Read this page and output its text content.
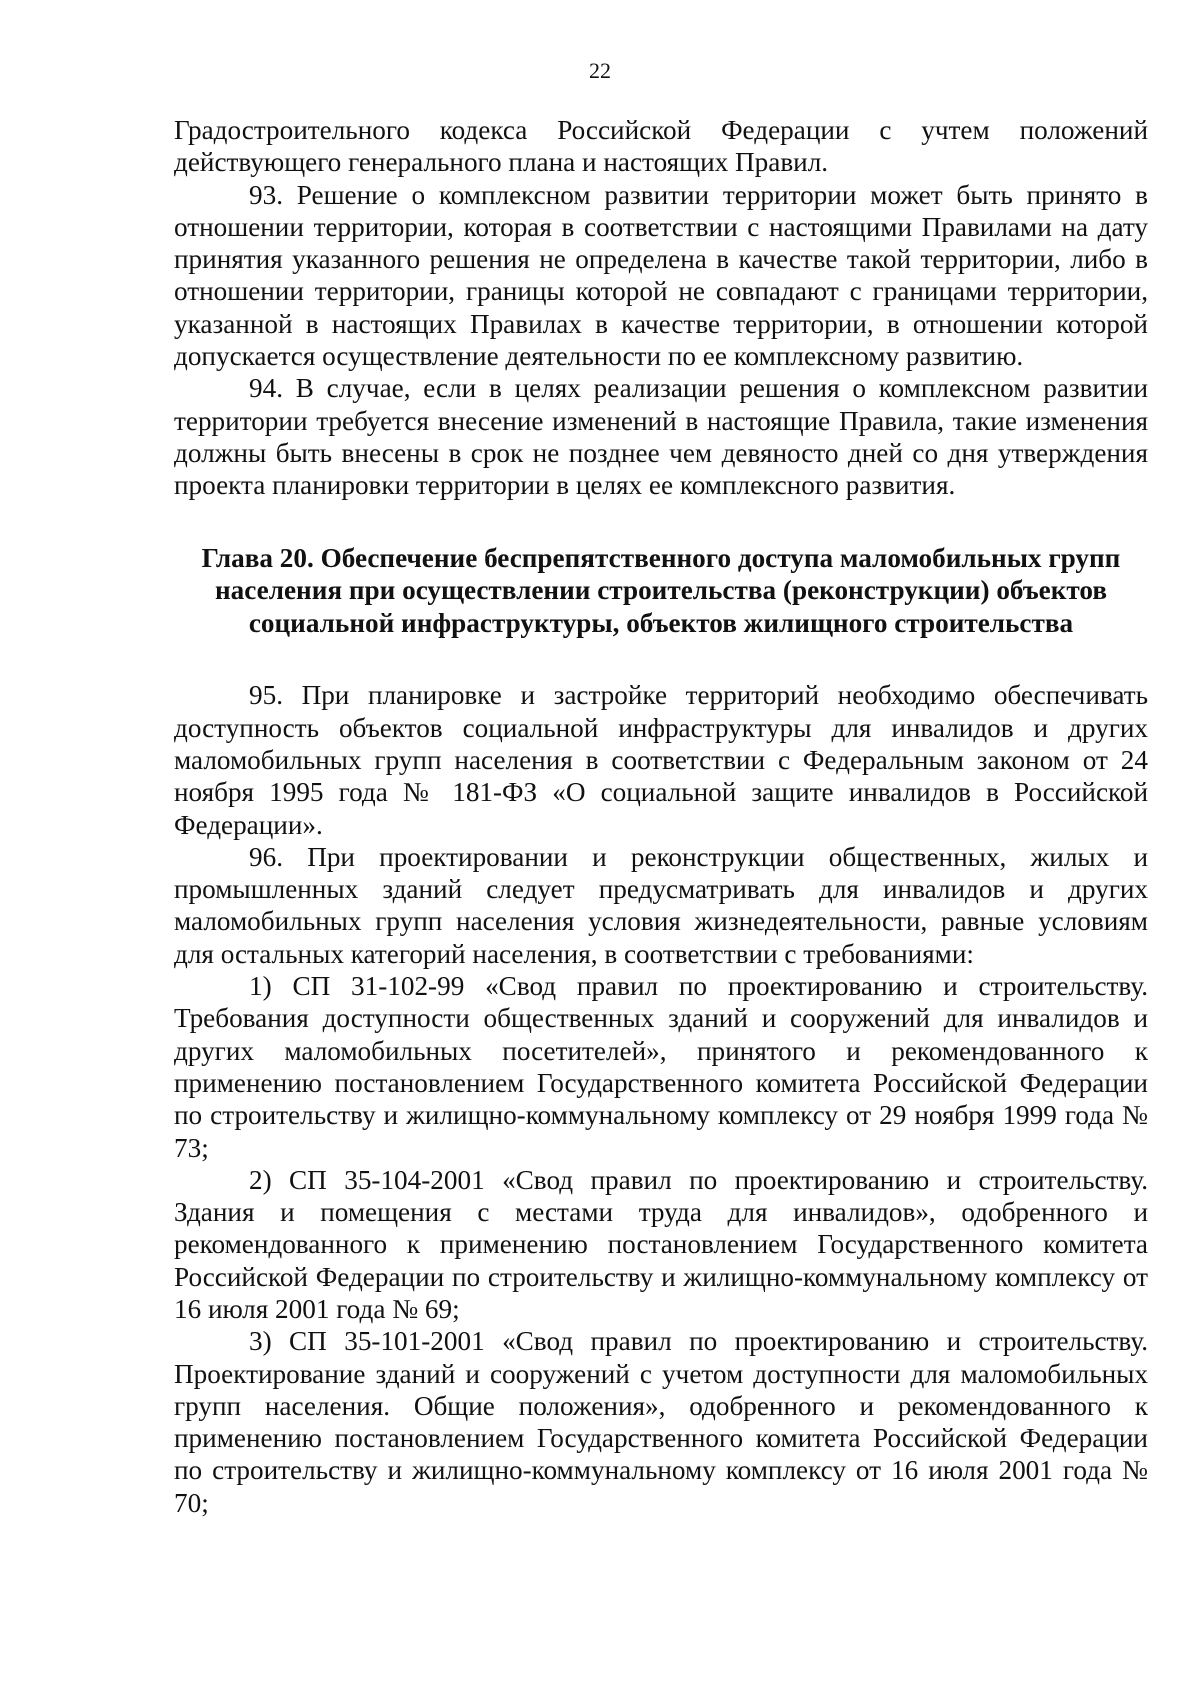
22

Градостроительного кодекса Российской Федерации с учтем положений действующего генерального плана и настоящих Правил.

93. Решение о комплексном развитии территории может быть принято в отношении территории, которая в соответствии с настоящими Правилами на дату принятия указанного решения не определена в качестве такой территории, либо в отношении территории, границы которой не совпадают с границами территории, указанной в настоящих Правилах в качестве территории, в отношении которой допускается осуществление деятельности по ее комплексному развитию.

94. В случае, если в целях реализации решения о комплексном развитии территории требуется внесение изменений в настоящие Правила, такие изменения должны быть внесены в срок не позднее чем девяносто дней со дня утверждения проекта планировки территории в целях ее комплексного развития.

Глава 20. Обеспечение беспрепятственного доступа маломобильных групп населения при осуществлении строительства (реконструкции) объектов социальной инфраструктуры, объектов жилищного строительства

95. При планировке и застройке территорий необходимо обеспечивать доступность объектов социальной инфраструктуры для инвалидов и других маломобильных групп населения в соответствии с Федеральным законом от 24 ноября 1995 года № 181-ФЗ «О социальной защите инвалидов в Российской Федерации».

96. При проектировании и реконструкции общественных, жилых и промышленных зданий следует предусматривать для инвалидов и других маломобильных групп населения условия жизнедеятельности, равные условиям для остальных категорий населения, в соответствии с требованиями:

1) СП 31-102-99 «Свод правил по проектированию и строительству. Требования доступности общественных зданий и сооружений для инвалидов и других маломобильных посетителей», принятого и рекомендованного к применению постановлением Государственного комитета Российской Федерации по строительству и жилищно-коммунальному комплексу от 29 ноября 1999 года № 73;

2) СП 35-104-2001 «Свод правил по проектированию и строительству. Здания и помещения с местами труда для инвалидов», одобренного и рекомендованного к применению постановлением Государственного комитета Российской Федерации по строительству и жилищно-коммунальному комплексу от 16 июля 2001 года № 69;

3) СП 35-101-2001 «Свод правил по проектированию и строительству. Проектирование зданий и сооружений с учетом доступности для маломобильных групп населения. Общие положения», одобренного и рекомендованного к применению постановлением Государственного комитета Российской Федерации по строительству и жилищно-коммунальному комплексу от 16 июля 2001 года № 70;
